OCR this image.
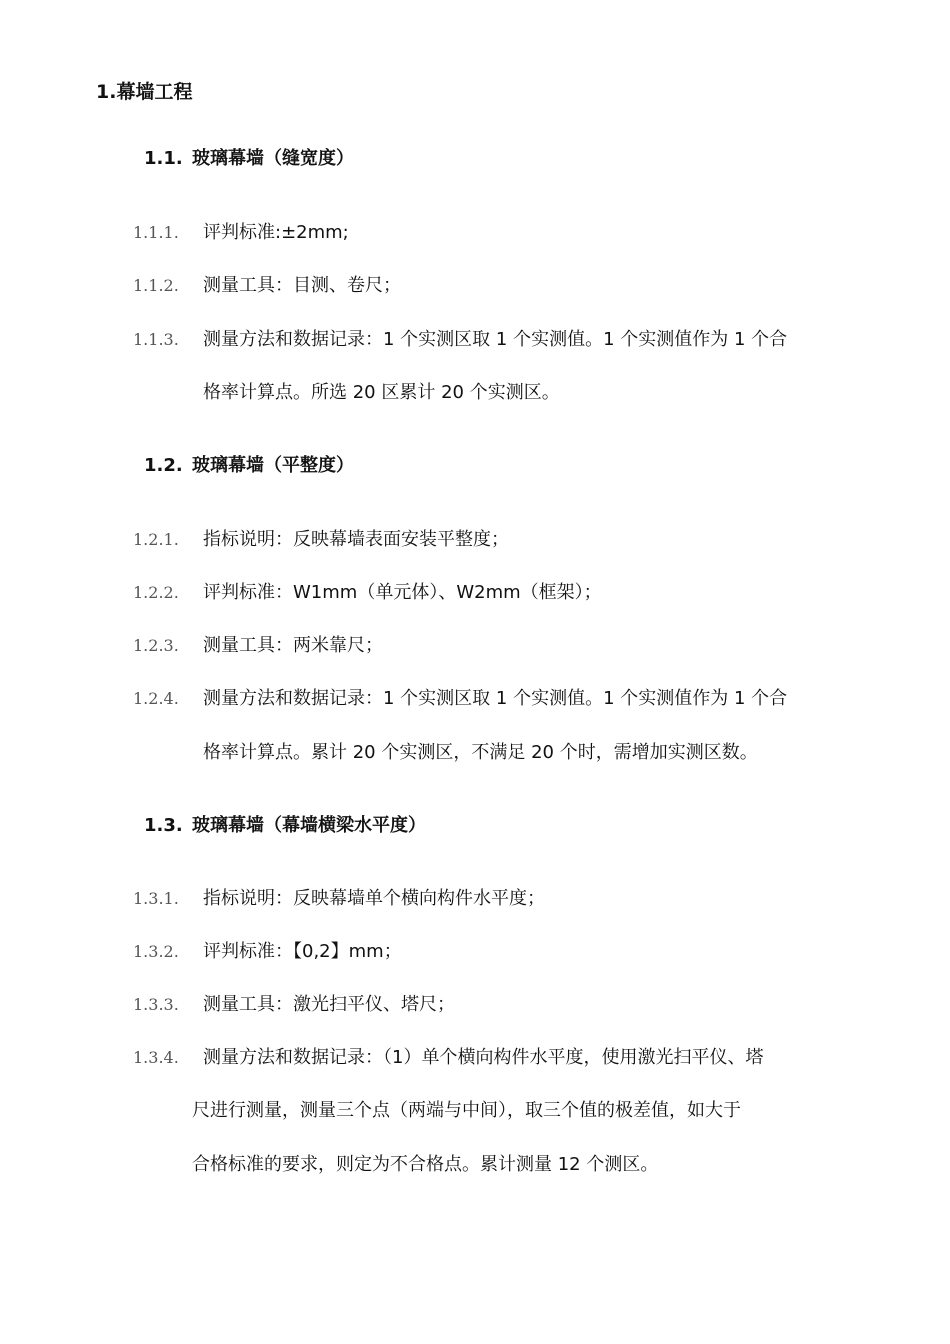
1.幕墙工程
1.1. 玻璃幕墙（缝宽度）
1.1.1. 评判标准:±2mm;
1.1.2. 测量工具：目测、卷尺；
1.1.3. 测量方法和数据记录：1 个实测区取 1 个实测值。1 个实测值作为 1 个合
格率计算点。所选 20 区累计 20 个实测区。
1.2. 玻璃幕墙（平整度）
1.2.1. 指标说明：反映幕墙表面安装平整度；
1.2.2. 评判标准：W1mm（单元体）、W2mm（框架）；
1.2.3. 测量工具：两米靠尺；
1.2.4. 测量方法和数据记录：1 个实测区取 1 个实测值。1 个实测值作为 1 个合
格率计算点。累计 20 个实测区，不满足 20 个时，需增加实测区数。
1.3. 玻璃幕墙（幕墙横梁水平度）
1.3.1. 指标说明：反映幕墙单个横向构件水平度；
1.3.2. 评判标准：【0,2】mm；
1.3.3. 测量工具：激光扫平仪、塔尺；
1.3.4. 测量方法和数据记录：（1）单个横向构件水平度，使用激光扫平仪、塔
尺进行测量，测量三个点（两端与中间），取三个值的极差值，如大于
合格标准的要求，则定为不合格点。累计测量 12 个测区。
